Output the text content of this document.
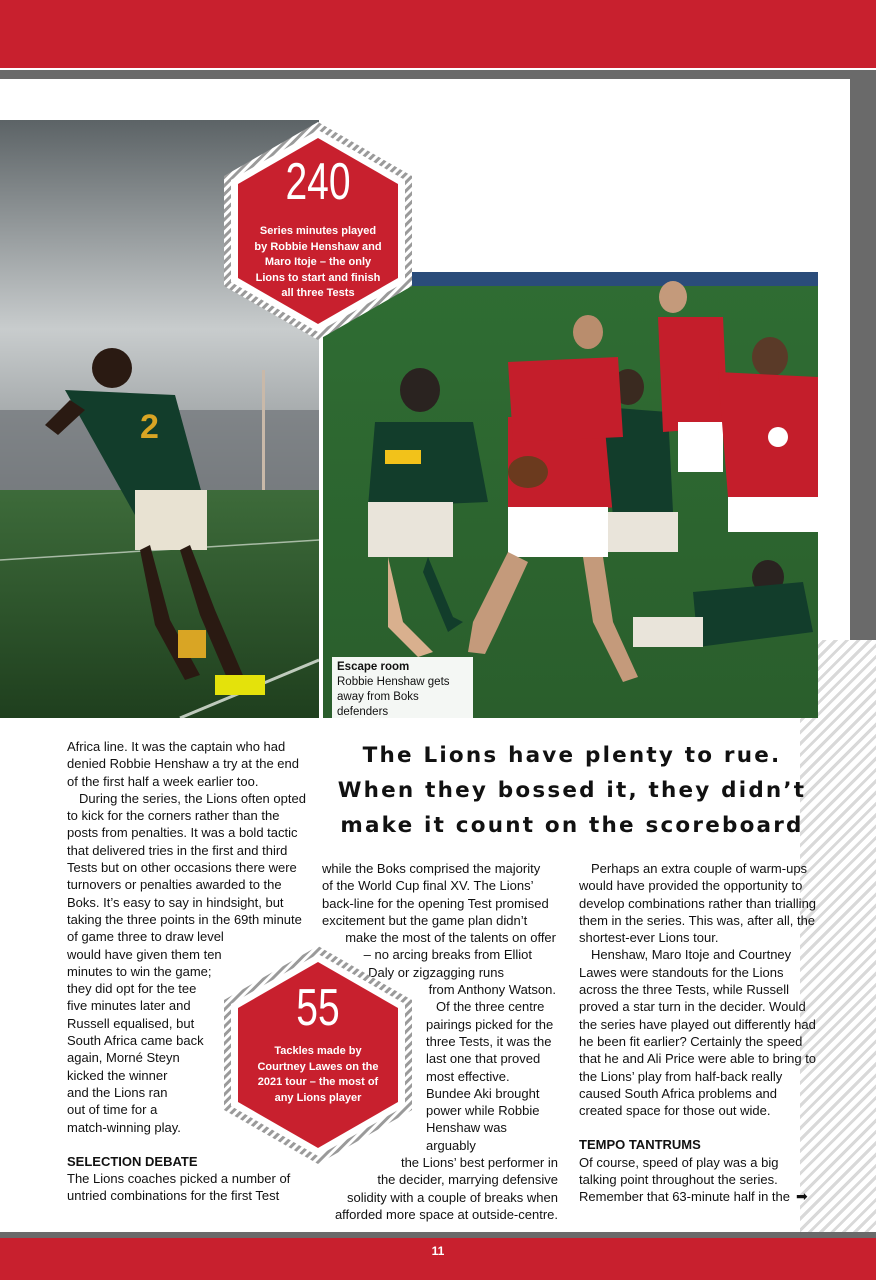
2
Escape room
Robbie Henshaw gets away from Boks defenders
240
Series minutes played by Robbie Henshaw and Maro Itoje – the only Lions to start and finish all three Tests
The Lions have plenty to rue. When they bossed it, they didn’t make it count on the scoreboard

Africa line. It was the captain who had denied Robbie Henshaw a try at the end of the first half a week earlier too.

During the series, the Lions often opted to kick for the corners rather than the posts from penalties. It was a bold tactic that delivered tries in the first and third Tests but on other occasions there were turnovers or penalties awarded to the Boks. It’s easy to say in hindsight, but taking the three points in the 69th minute of game three to draw level

would have given them ten

minutes to win the game;

they did opt for the tee

five minutes later and

Russell equalised, but

South Africa came back

again, Morné Steyn

kicked the winner

and the Lions ran

out of time for a

match-winning play.

SELECTION DEBATE

The Lions coaches picked a number of untried combinations for the first Test

while the Boks comprised the majority

of the World Cup final XV. The Lions’

back-line for the opening Test promised

excitement but the game plan didn’t

make the most of the talents on offer

– no arcing breaks from Elliot

Daly or zigzagging runs

from Anthony Watson.

Of the three centre

pairings picked for the

three Tests, it was the

last one that proved

most effective.

Bundee Aki brought

power while Robbie

Henshaw was arguably

the Lions’ best performer in

the decider, marrying defensive

solidity with a couple of breaks when

afforded more space at outside-centre.

55
Tackles made by Courtney Lawes on the 2021 tour – the most of any Lions player

Perhaps an extra couple of warm-ups would have provided the opportunity to develop combinations rather than trialling them in the series. This was, after all, the shortest-ever Lions tour.

Henshaw, Maro Itoje and Courtney Lawes were standouts for the Lions across the three Tests, while Russell proved a star turn in the decider. Would the series have played out differently had he been fit earlier? Certainly the speed that he and Ali Price were able to bring to the Lions’ play from half-back really caused South Africa problems and created space for those out wide.

TEMPO TANTRUMS

Of course, speed of play was a big talking point throughout the series. Remember that 63-minute half in the ➡

11
